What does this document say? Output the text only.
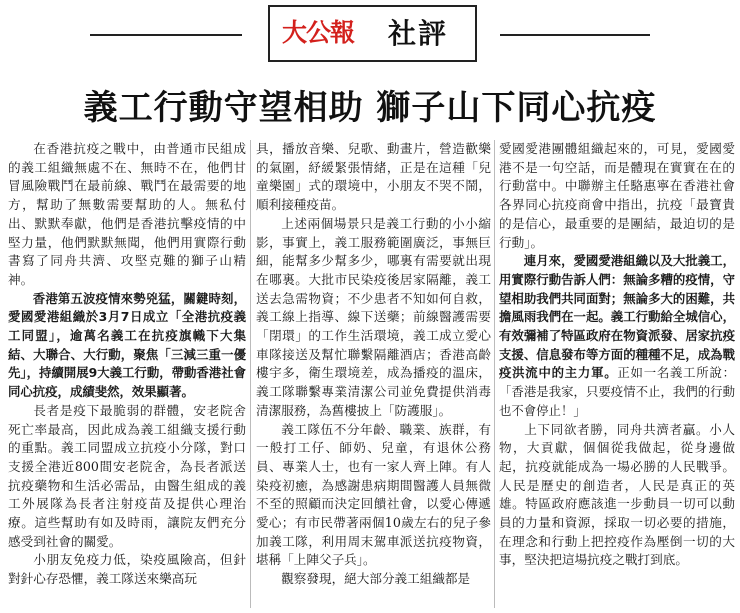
大公報 社評
義工行動守望相助 獅子山下同心抗疫

在香港抗疫之戰中，由普通市民組成的義工組織無處不在、無時不在，他們甘冒風險戰鬥在最前線、戰鬥在最需要的地方，幫助了無數需要幫助的人。無私付出、默默奉獻，他們是香港抗擊疫情的中堅力量，他們默默無聞，他們用實際行動書寫了同舟共濟、攻堅克難的獅子山精神。

香港第五波疫情來勢兇猛，關鍵時刻，愛國愛港組織於3月7日成立「全港抗疫義工同盟」，逾萬名義工在抗疫旗幟下大集結、大聯合、大行動，聚焦「三減三重一優先」，持續開展9大義工行動，帶動香港社會同心抗疫，成績斐然，效果顯著。

長者是疫下最脆弱的群體，安老院舍死亡率最高，因此成為義工組織支援行動的重點。義工同盟成立抗疫小分隊，對口支援全港近800間安老院舍，為長者派送抗疫藥物和生活必需品，由醫生組成的義工外展隊為長者注射疫苗及提供心理治療。這些幫助有如及時雨，讓院友們充分感受到社會的關愛。

小朋友免疫力低，染疫風險高，但針對針心存恐懼，義工隊送來樂高玩

具，播放音樂、兒歌、動畫片，營造歡樂的氣圍，紓緩緊張情緒，正是在這種「兒童樂園」式的環境中，小朋友不哭不鬧，順利接種疫苗。

上述兩個場景只是義工行動的小小縮影，事實上，義工服務範圍廣泛，事無巨細，能幫多少幫多少，哪裏有需要就出現在哪裏。大批市民染疫後居家隔離，義工送去急需物資；不少患者不知如何自救，義工線上指導、線下送藥；前線醫護需要「閉環」的工作生活環境，義工成立愛心車隊接送及幫忙聯繫隔離酒店；香港高齡樓宇多，衛生環境差，成為播疫的溫床，義工隊聯繫專業清潔公司並免費提供消毒清潔服務，為舊樓披上「防護服」。

義工隊伍不分年齡、職業、族群，有一般打工仔、師奶、兒童，有退休公務員、專業人士，也有一家人齊上陣。有人染疫初癒，為感謝患病期間醫護人員無微不至的照顧而決定回饋社會，以愛心傳遞愛心；有市民帶著兩個10歲左右的兒子參加義工隊，利用周末駕車派送抗疫物資，堪稱「上陣父子兵」。

觀察發現，絕大部分義工組織都是

愛國愛港團體組織起來的，可見，愛國愛港不是一句空話，而是體現在實實在在的行動當中。中聯辦主任駱惠寧在香港社會各界同心抗疫商會中指出，抗疫「最寶貴的是信心，最重要的是團結，最迫切的是行動」。

連月來，愛國愛港組織以及大批義工，用實際行動告訴人們：無論多糟的疫情，守望相助我們共同面對；無論多大的困難，共擔風雨我們在一起。義工行動給全城信心，有效彌補了特區政府在物資派發、居家抗疫支援、信息發布等方面的種種不足，成為戰疫洪流中的主力軍。正如一名義工所說：「香港是我家，只要疫情不止，我們的行動也不會停止！」

上下同欲者勝，同舟共濟者贏。小人物，大貢獻，個個從我做起，從身邊做起，抗疫就能成為一場必勝的人民戰爭。人民是歷史的創造者，人民是真正的英雄。特區政府應該進一步動員一切可以動員的力量和資源，採取一切必要的措施，在理念和行動上把控疫作為壓倒一切的大事，堅決把這場抗疫之戰打到底。
